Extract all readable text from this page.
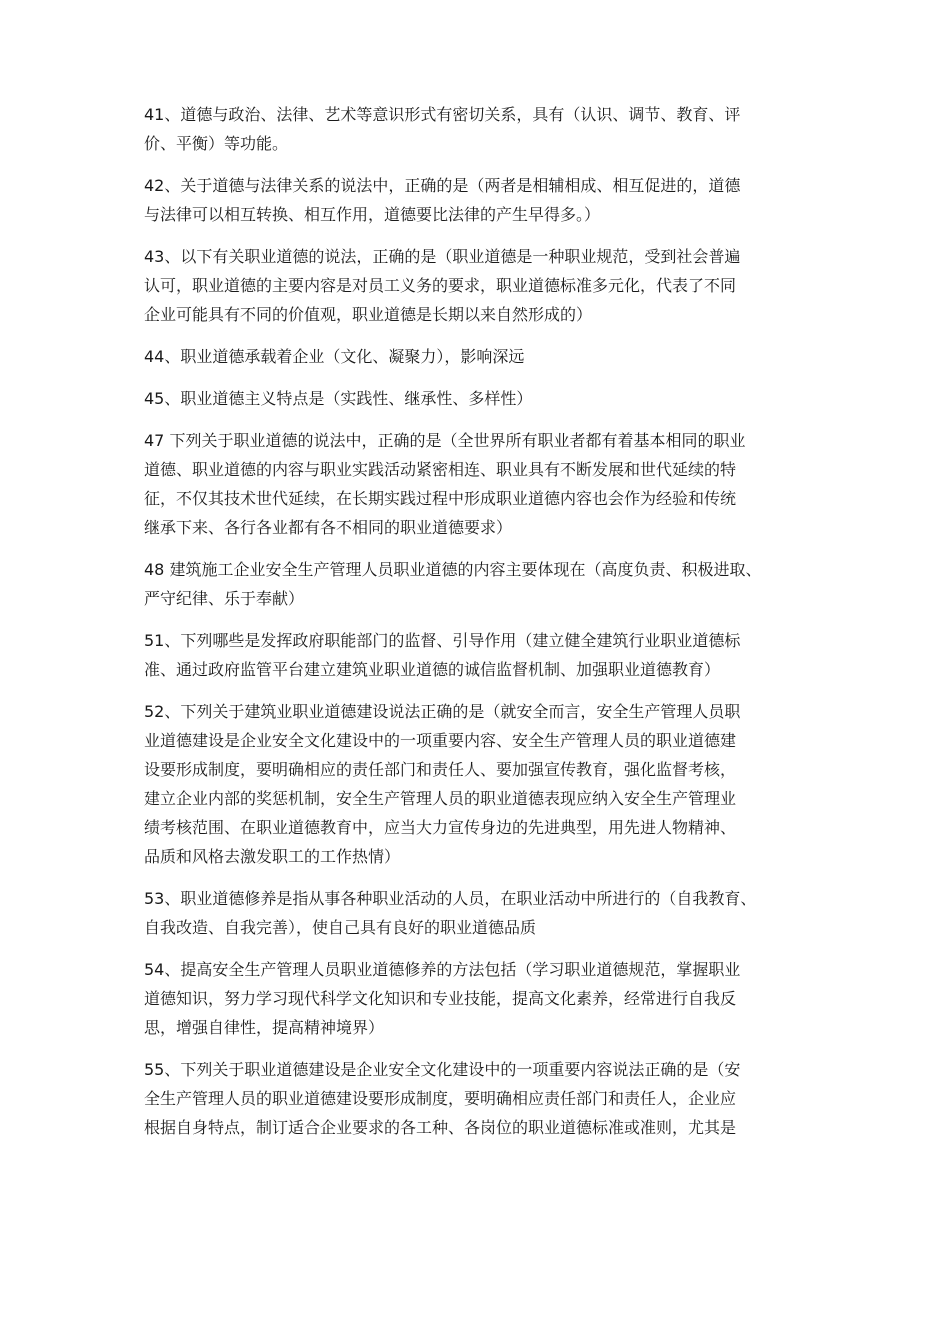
41、道德与政治、法律、艺术等意识形式有密切关系，具有（认识、调节、教育、评
价、平衡）等功能。
42、关于道德与法律关系的说法中，正确的是（两者是相辅相成、相互促进的，道德
与法律可以相互转换、相互作用，道德要比法律的产生早得多。）
43、以下有关职业道德的说法，正确的是（职业道德是一种职业规范，受到社会普遍
认可，职业道德的主要内容是对员工义务的要求，职业道德标准多元化，代表了不同
企业可能具有不同的价值观，职业道德是长期以来自然形成的）
44、职业道德承载着企业（文化、凝聚力），影响深远
45、职业道德主义特点是（实践性、继承性、多样性）
47 下列关于职业道德的说法中，正确的是（全世界所有职业者都有着基本相同的职业
道德、职业道德的内容与职业实践活动紧密相连、职业具有不断发展和世代延续的特
征，不仅其技术世代延续，在长期实践过程中形成职业道德内容也会作为经验和传统
继承下来、各行各业都有各不相同的职业道德要求）
48 建筑施工企业安全生产管理人员职业道德的内容主要体现在（高度负责、积极进取、
严守纪律、乐于奉献）
51、下列哪些是发挥政府职能部门的监督、引导作用（建立健全建筑行业职业道德标
准、通过政府监管平台建立建筑业职业道德的诚信监督机制、加强职业道德教育）
52、下列关于建筑业职业道德建设说法正确的是（就安全而言，安全生产管理人员职
业道德建设是企业安全文化建设中的一项重要内容、安全生产管理人员的职业道德建
设要形成制度，要明确相应的责任部门和责任人、要加强宣传教育，强化监督考核，
建立企业内部的奖惩机制，安全生产管理人员的职业道德表现应纳入安全生产管理业
绩考核范围、在职业道德教育中，应当大力宣传身边的先进典型，用先进人物精神、
品质和风格去激发职工的工作热情）
53、职业道德修养是指从事各种职业活动的人员，在职业活动中所进行的（自我教育、
自我改造、自我完善），使自己具有良好的职业道德品质
54、提高安全生产管理人员职业道德修养的方法包括（学习职业道德规范，掌握职业
道德知识，努力学习现代科学文化知识和专业技能，提高文化素养，经常进行自我反
思，增强自律性，提高精神境界）
55、下列关于职业道德建设是企业安全文化建设中的一项重要内容说法正确的是（安
全生产管理人员的职业道德建设要形成制度，要明确相应责任部门和责任人，企业应
根据自身特点，制订适合企业要求的各工种、各岗位的职业道德标准或准则，尤其是
